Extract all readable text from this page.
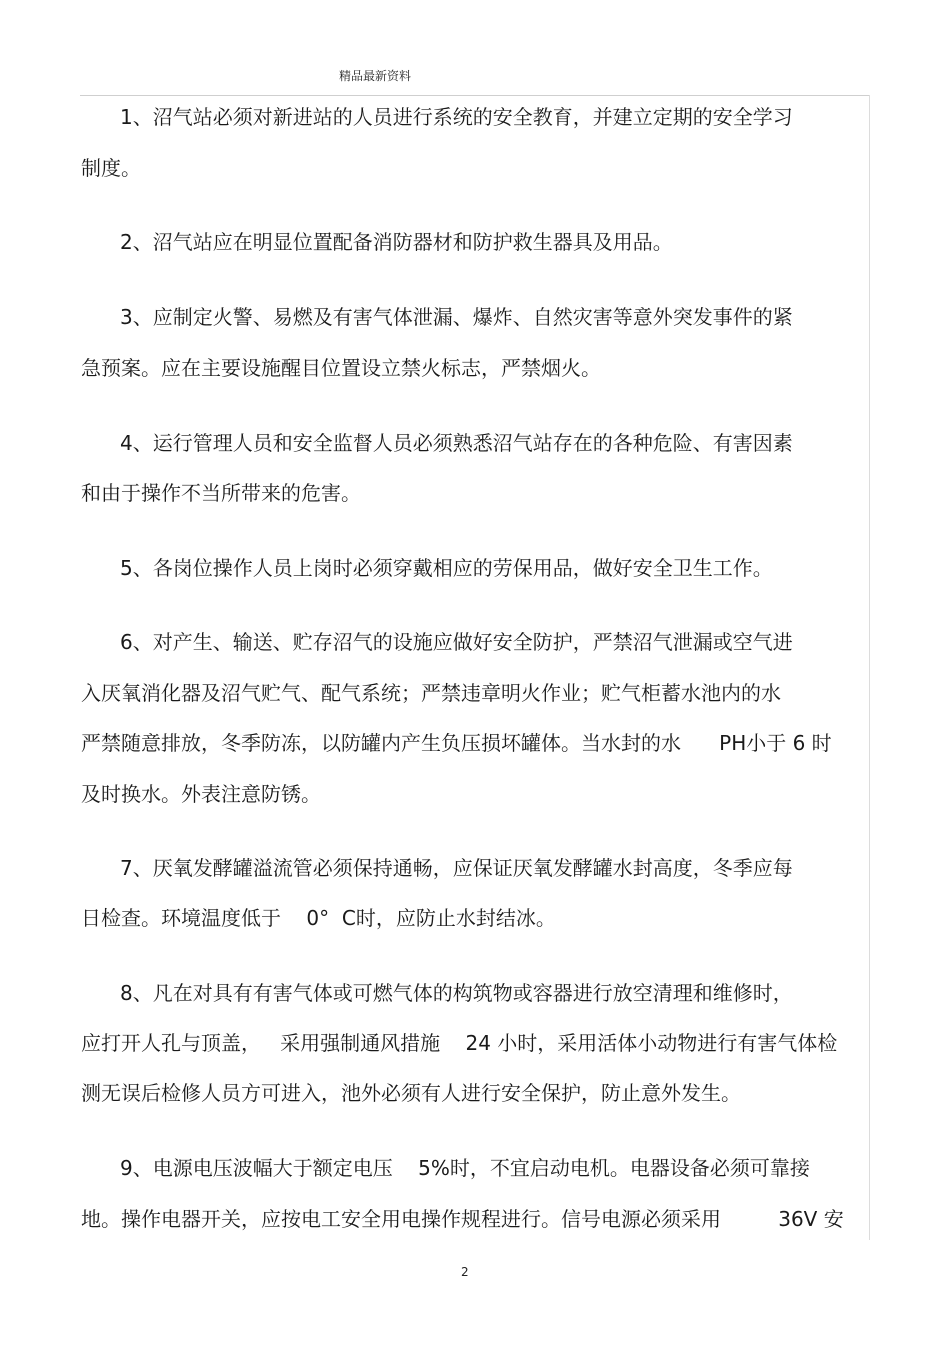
精品最新资料
1、沼气站必须对新进站的人员进行系统的安全教育，并建立定期的安全学习
制度。
2、沼气站应在明显位置配备消防器材和防护救生器具及用品。
3、应制定火警、易燃及有害气体泄漏、爆炸、自然灾害等意外突发事件的紧
急预案。应在主要设施醒目位置设立禁火标志，严禁烟火。
4、运行管理人员和安全监督人员必须熟悉沼气站存在的各种危险、有害因素
和由于操作不当所带来的危害。
5、各岗位操作人员上岗时必须穿戴相应的劳保用品，做好安全卫生工作。
6、对产生、输送、贮存沼气的设施应做好安全防护，严禁沼气泄漏或空气进
入厌氧消化器及沼气贮气、配气系统；严禁违章明火作业；贮气柜蓄水池内的水
严禁随意排放，冬季防冻，以防罐内产生负压损坏罐体。当水封的水      PH小于 6 时
及时换水。外表注意防锈。
7、厌氧发酵罐溢流管必须保持通畅，应保证厌氧发酵罐水封高度，冬季应每
日检查。环境温度低于    0°  C时，应防止水封结冰。
8、凡在对具有有害气体或可燃气体的构筑物或容器进行放空清理和维修时，
应打开人孔与顶盖，   采用强制通风措施    24 小时，采用活体小动物进行有害气体检
测无误后检修人员方可进入，池外必须有人进行安全保护，防止意外发生。
9、电源电压波幅大于额定电压    5%时，不宜启动电机。电器设备必须可靠接
地。操作电器开关，应按电工安全用电操作规程进行。信号电源必须采用         36V 安
2
